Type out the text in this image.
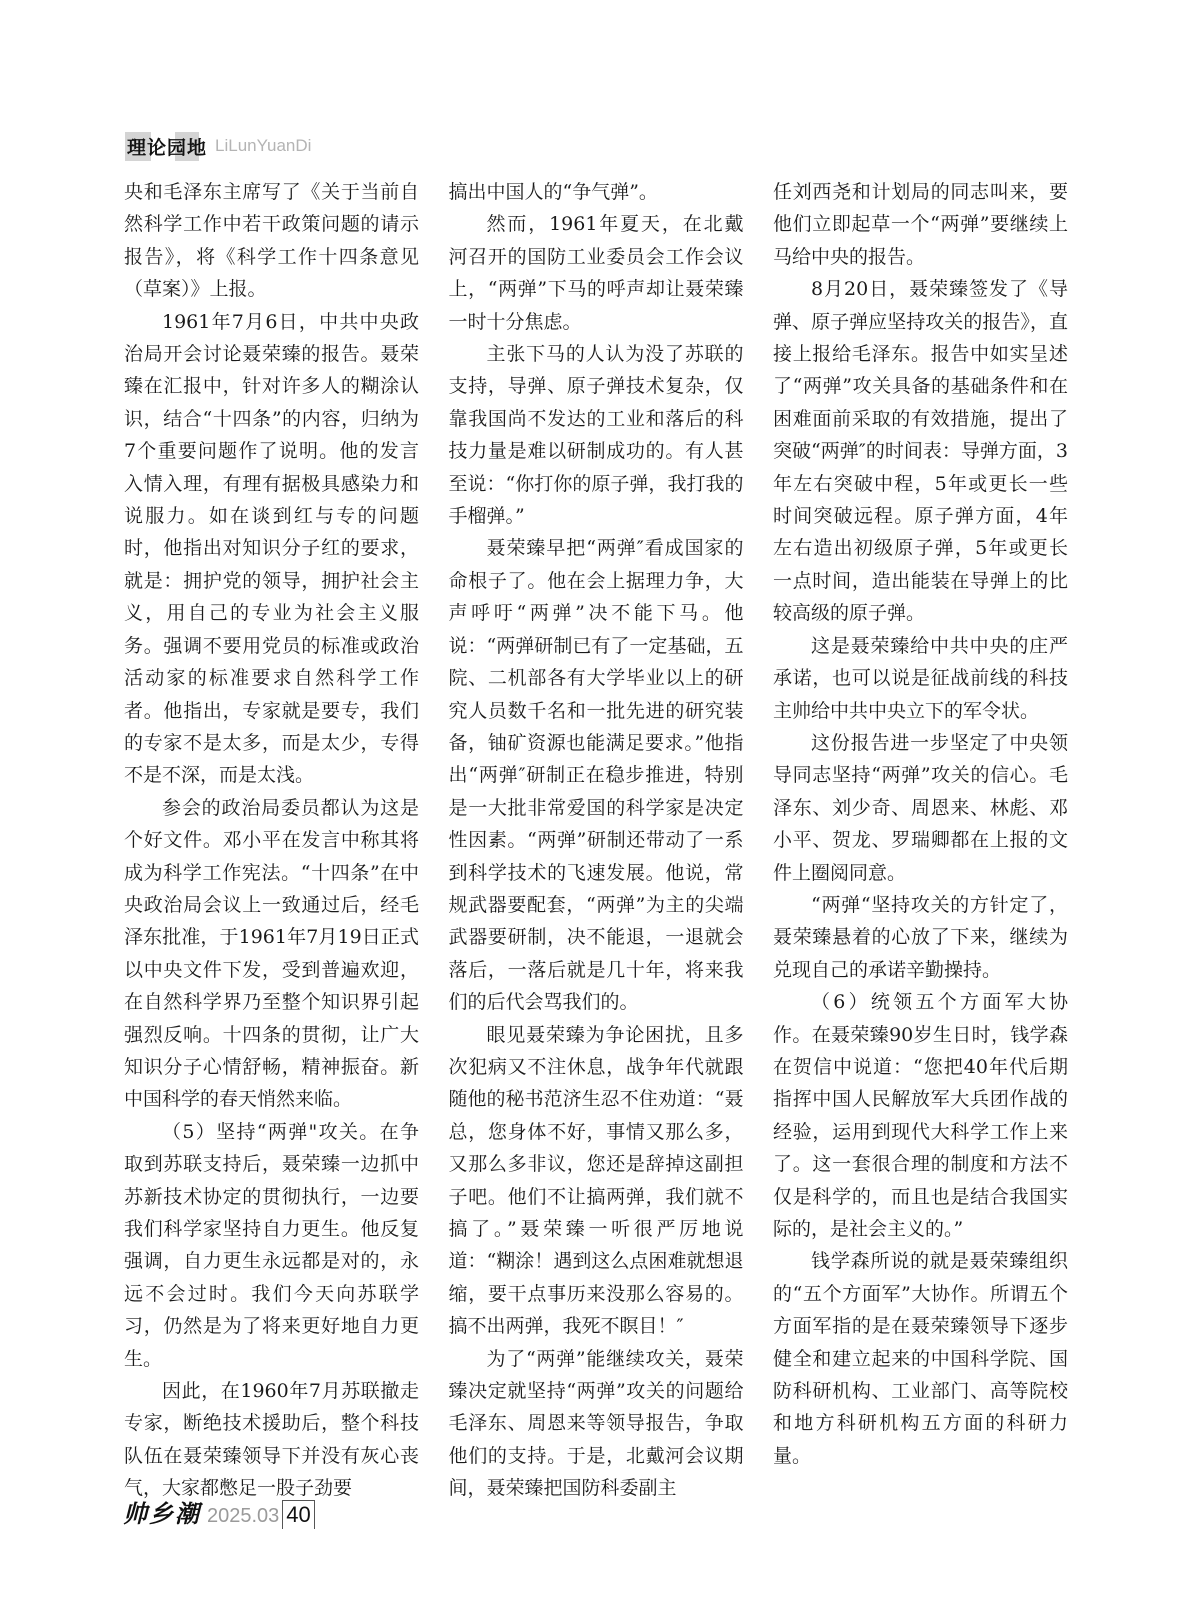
理论园地 LiLunYuanDi

央和毛泽东主席写了《关于当前自然科学工作中若干政策问题的请示报告》，将《科学工作十四条意见（草案）》上报。

1961年7月6日，中共中央政治局开会讨论聂荣臻的报告。聂荣臻在汇报中，针对许多人的糊涂认识，结合“十四条”的内容，归纳为7个重要问题作了说明。他的发言入情入理，有理有据极具感染力和说服力。如在谈到红与专的问题时，他指出对知识分子红的要求，就是：拥护党的领导，拥护社会主义，用自己的专业为社会主义服务。强调不要用党员的标准或政治活动家的标准要求自然科学工作者。他指出，专家就是要专，我们的专家不是太多，而是太少，专得不是不深，而是太浅。

参会的政治局委员都认为这是个好文件。邓小平在发言中称其将成为科学工作宪法。“十四条”在中央政治局会议上一致通过后，经毛泽东批准，于1961年7月19日正式以中央文件下发，受到普遍欢迎，在自然科学界乃至整个知识界引起强烈反响。十四条的贯彻，让广大知识分子心情舒畅，精神振奋。新中国科学的春天悄然来临。

（5）坚持“两弹"攻关。在争取到苏联支持后，聂荣臻一边抓中苏新技术协定的贯彻执行，一边要我们科学家坚持自力更生。他反复强调，自力更生永远都是对的，永远不会过时。我们今天向苏联学习，仍然是为了将来更好地自力更生。

因此，在1960年7月苏联撤走专家，断绝技术援助后，整个科技队伍在聂荣臻领导下并没有灰心丧气，大家都憋足一股子劲要

搞出中国人的“争气弹”。

然而，1961年夏天，在北戴河召开的国防工业委员会工作会议上，“两弹”下马的呼声却让聂荣臻一时十分焦虑。

主张下马的人认为没了苏联的支持，导弹、原子弹技术复杂，仅靠我国尚不发达的工业和落后的科技力量是难以研制成功的。有人甚至说：“你打你的原子弹，我打我的手榴弹。”

聂荣臻早把“两弹″看成国家的命根子了。他在会上据理力争，大声呼吁“两弹”决不能下马。他说：“两弹研制已有了一定基础，五院、二机部各有大学毕业以上的研究人员数千名和一批先进的研究装备，铀矿资源也能满足要求。”他指出“两弹″研制正在稳步推进，特别是一大批非常爱国的科学家是决定性因素。“两弹”研制还带动了一系到科学技术的飞速发展。他说，常规武器要配套，“两弹”为主的尖端武器要研制，决不能退，一退就会落后，一落后就是几十年，将来我们的后代会骂我们的。

眼见聂荣臻为争论困扰，且多次犯病又不注休息，战争年代就跟随他的秘书范济生忍不住劝道：“聂总，您身体不好，事情又那么多，又那么多非议，您还是辞掉这副担子吧。他们不让搞两弹，我们就不搞了。”聂荣臻一听很严厉地说道：“糊涂！遇到这么点困难就想退缩，要干点事历来没那么容易的。搞不出两弹，我死不瞑目！″

为了“两弹”能继续攻关，聂荣臻决定就坚持“两弹”攻关的问题给毛泽东、周恩来等领导报告，争取他们的支持。于是，北戴河会议期间，聂荣臻把国防科委副主

任刘西尧和计划局的同志叫来，要他们立即起草一个“两弹”要继续上马给中央的报告。

8月20日，聂荣臻签发了《导弹、原子弹应坚持攻关的报告》，直接上报给毛泽东。报告中如实呈述了“两弹”攻关具备的基础条件和在困难面前采取的有效措施，提出了突破“两弹″的时间表：导弹方面，3年左右突破中程，5年或更长一些时间突破远程。原子弹方面，4年左右造出初级原子弹，5年或更长一点时间，造出能装在导弹上的比较高级的原子弹。

这是聂荣臻给中共中央的庄严承诺，也可以说是征战前线的科技主帅给中共中央立下的军令状。

这份报告进一步坚定了中央领导同志坚持“两弹”攻关的信心。毛泽东、刘少奇、周恩来、林彪、邓小平、贺龙、罗瑞卿都在上报的文件上圈阅同意。

“两弹“坚持攻关的方针定了，聂荣臻悬着的心放了下来，继续为兑现自己的承诺辛勤操持。

（6）统领五个方面军大协作。在聂荣臻90岁生日时，钱学森在贺信中说道：“您把40年代后期指挥中国人民解放军大兵团作战的经验，运用到现代大科学工作上来了。这一套很合理的制度和方法不仅是科学的，而且也是结合我国实际的，是社会主义的。”

钱学森所说的就是聂荣臻组织的“五个方面军”大协作。所谓五个方面军指的是在聂荣臻领导下逐步健全和建立起来的中国科学院、国防科研机构、工业部门、高等院校和地方科研机构五方面的科研力量。

帅乡潮 2025.03 40
